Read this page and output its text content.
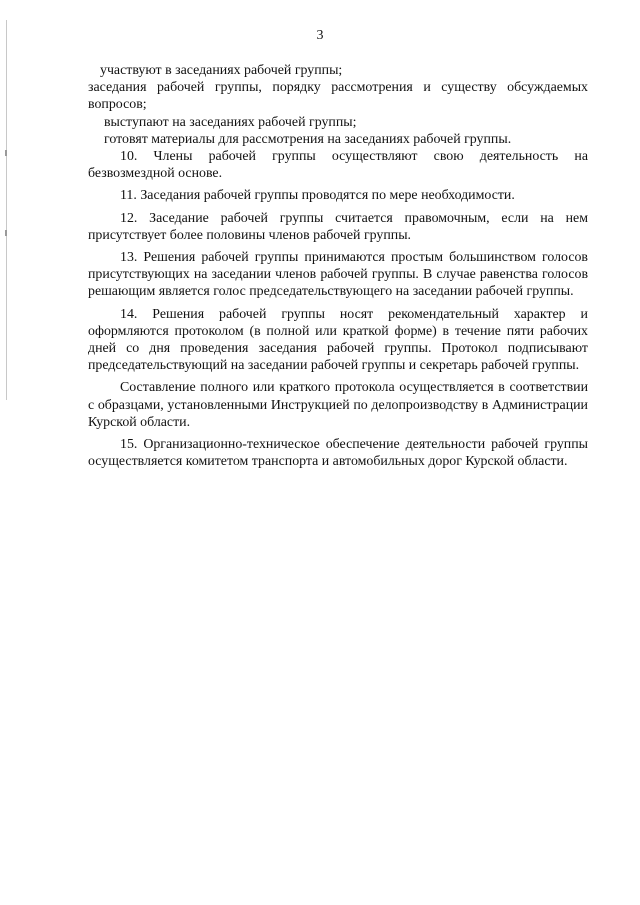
3

участвуют в заседаниях рабочей группы;

заседания рабочей группы, порядку рассмотрения и существу обсуждаемых вопросов;

выступают на заседаниях рабочей группы;

готовят материалы для рассмотрения на заседаниях рабочей группы.

10. Члены рабочей группы осуществляют свою деятельность на безвозмездной основе.

11. Заседания рабочей группы проводятся по мере необходимости.

12. Заседание рабочей группы считается правомочным, если на нем присутствует более половины членов рабочей группы.

13. Решения рабочей группы принимаются простым большинством голосов присутствующих на заседании членов рабочей группы. В случае равенства голосов решающим является голос председательствующего на заседании рабочей группы.

14. Решения рабочей группы носят рекомендательный характер и оформляются протоколом (в полной или краткой форме) в течение пяти рабочих дней со дня проведения заседания рабочей группы. Протокол подписывают председательствующий на заседании рабочей группы и секретарь рабочей группы.

Составление полного или краткого протокола осуществляется в соответствии с образцами, установленными Инструкцией по делопроизводству в Администрации Курской области.

15. Организационно-техническое обеспечение деятельности рабочей группы осуществляется комитетом транспорта и автомобильных дорог Курской области.
